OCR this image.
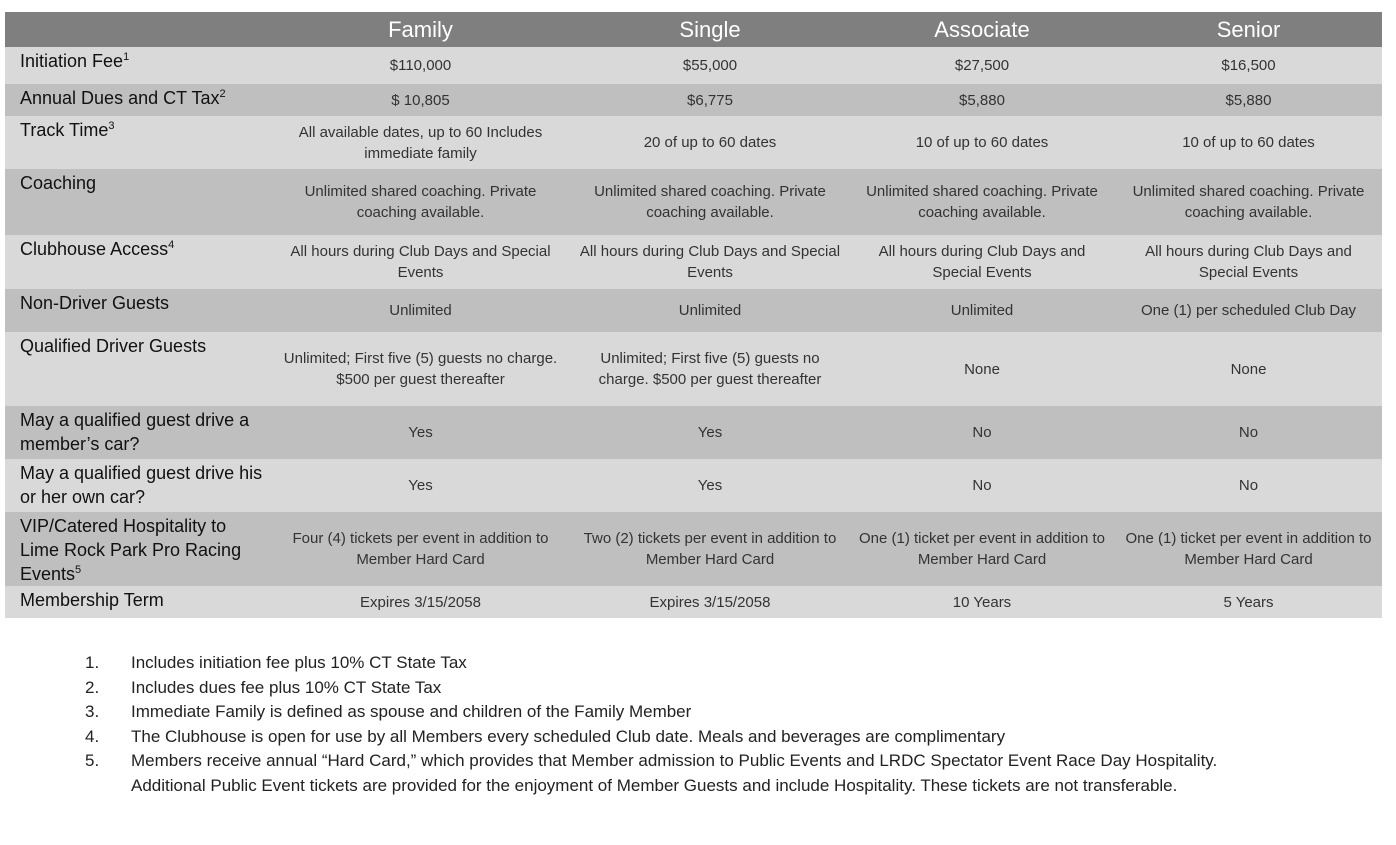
	Family	Single	Associate	Senior
Initiation Fee$^1$	$110,000	$55,000	$27,500	$16,500
Annual Dues and CT Tax$^2$	$ 10,805	$6,775	$5,880	$5,880
Track Time$^3$	All available dates, up to 60 Includes immediate family	20 of up to 60 dates	10 of up to 60 dates	10 of up to 60 dates
Coaching	Unlimited shared coaching. Private coaching available.	Unlimited shared coaching. Private coaching available.	Unlimited shared coaching. Private coaching available.	Unlimited shared coaching. Private coaching available.
Clubhouse Access$^4$	All hours during Club Days and Special Events	All hours during Club Days and Special Events	All hours during Club Days and Special Events	All hours during Club Days and Special Events
Non-Driver Guests	Unlimited	Unlimited	Unlimited	One (1) per scheduled Club Day
Qualified Driver Guests	Unlimited; First five (5) guests no charge. $500 per guest thereafter	Unlimited; First five (5) guests no charge. $500 per guest thereafter	None	None
May a qualified guest drive a member’s car?	Yes	Yes	No	No
May a qualified guest drive his or her own car?	Yes	Yes	No	No
VIP/Catered Hospitality to Lime Rock Park Pro Racing Events$^5$	Four (4) tickets per event in addition to Member Hard Card	Two (2) tickets per event in addition to Member Hard Card	One (1) ticket per event in addition to Member Hard Card	One (1) ticket per event in addition to Member Hard Card
Membership Term	Expires 3/15/2058	Expires 3/15/2058	10 Years	5 Years
1.	Includes initiation fee plus 10% CT State Tax
2.	Includes dues fee plus 10% CT State Tax
3.	Immediate Family is defined as spouse and children of the Family Member
4.	The Clubhouse is open for use by all Members every scheduled Club date. Meals and beverages are complimentary
5.	Members receive annual “Hard Card,” which provides that Member admission to Public Events and LRDC Spectator Event Race Day Hospitality. Additional Public Event tickets are provided for the enjoyment of Member Guests and include Hospitality. These tickets are not transferable.
